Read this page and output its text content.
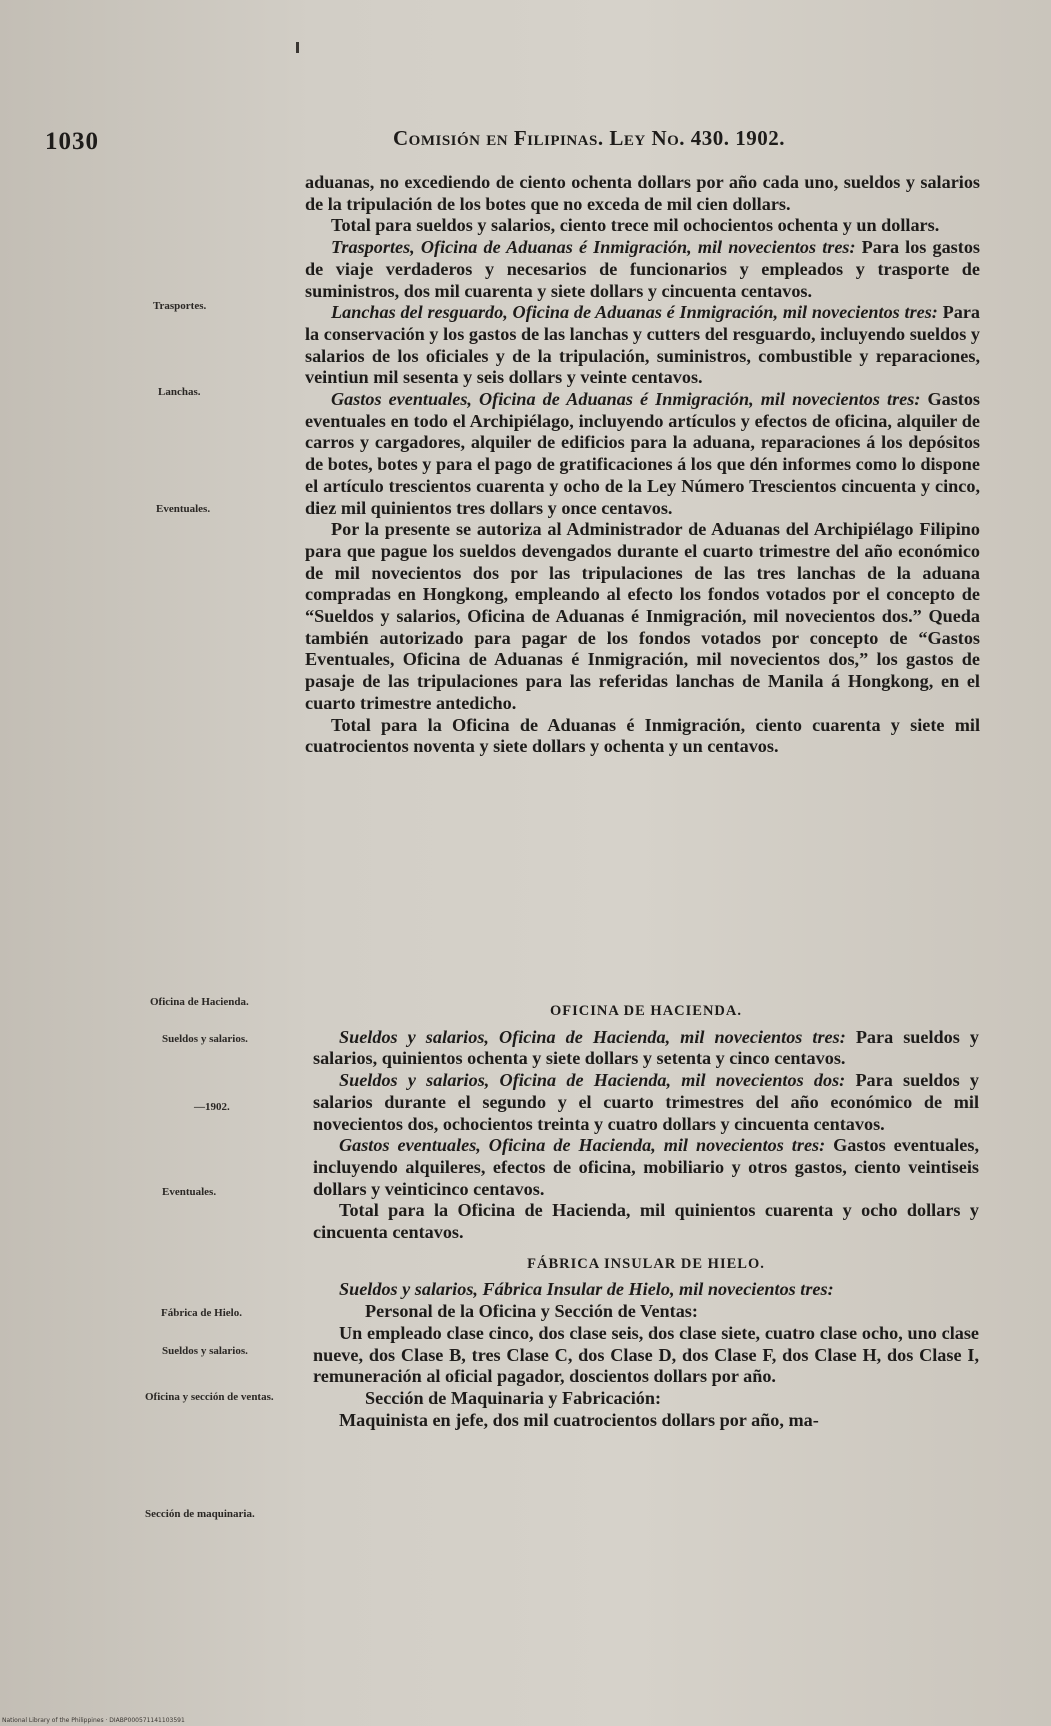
1030	Comisión en Filipinas. Ley No. 430. 1902.
Trasportes.
Lanchas.
Eventuales.
Oficina de Hacienda.
Sueldos y salarios.
—1902.
Eventuales.
Fábrica de Hielo.
Sueldos y salarios.
Oficina y sección de ventas.
Sección de maquinaria.

aduanas, no excediendo de ciento ochenta dollars por año cada uno, sueldos y salarios de la tripulación de los botes que no exceda de mil cien dollars.

Total para sueldos y salarios, ciento trece mil ochocientos ochenta y un dollars.

Trasportes, Oficina de Aduanas é Inmigración, mil novecientos tres: Para los gastos de viaje verdaderos y necesarios de funcionarios y empleados y trasporte de suministros, dos mil cuarenta y siete dollars y cincuenta centavos.

Lanchas del resguardo, Oficina de Aduanas é Inmigración, mil novecientos tres: Para la conservación y los gastos de las lanchas y cutters del resguardo, incluyendo sueldos y salarios de los oficiales y de la tripulación, suministros, combustible y reparaciones, veintiun mil sesenta y seis dollars y veinte centavos.

Gastos eventuales, Oficina de Aduanas é Inmigración, mil novecientos tres: Gastos eventuales en todo el Archipiélago, incluyendo artículos y efectos de oficina, alquiler de carros y cargadores, alquiler de edificios para la aduana, reparaciones á los depósitos de botes, botes y para el pago de gratificaciones á los que dén informes como lo dispone el artículo trescientos cuarenta y ocho de la Ley Número Trescientos cincuenta y cinco, diez mil quinientos tres dollars y once centavos.

Por la presente se autoriza al Administrador de Aduanas del Archipiélago Filipino para que pague los sueldos devengados durante el cuarto trimestre del año económico de mil novecientos dos por las tripulaciones de las tres lanchas de la aduana compradas en Hongkong, empleando al efecto los fondos votados por el concepto de “Sueldos y salarios, Oficina de Aduanas é Inmigración, mil novecientos dos.” Queda también autorizado para pagar de los fondos votados por concepto de “Gastos Eventuales, Oficina de Aduanas é Inmigración, mil novecientos dos,” los gastos de pasaje de las tripulaciones para las referidas lanchas de Manila á Hongkong, en el cuarto trimestre antedicho.

Total para la Oficina de Aduanas é Inmigración, ciento cuarenta y siete mil cuatrocientos noventa y siete dollars y ochenta y un centavos.

OFICINA DE HACIENDA.

Sueldos y salarios, Oficina de Hacienda, mil novecientos tres: Para sueldos y salarios, quinientos ochenta y siete dollars y setenta y cinco centavos.

Sueldos y salarios, Oficina de Hacienda, mil novecientos dos: Para sueldos y salarios durante el segundo y el cuarto trimestres del año económico de mil novecientos dos, ochocientos treinta y cuatro dollars y cincuenta centavos.

Gastos eventuales, Oficina de Hacienda, mil novecientos tres: Gastos eventuales, incluyendo alquileres, efectos de oficina, mobiliario y otros gastos, ciento veintiseis dollars y veinticinco centavos.

Total para la Oficina de Hacienda, mil quinientos cuarenta y ocho dollars y cincuenta centavos.

FÁBRICA INSULAR DE HIELO.

Sueldos y salarios, Fábrica Insular de Hielo, mil novecientos tres:

Personal de la Oficina y Sección de Ventas:

Un empleado clase cinco, dos clase seis, dos clase siete, cuatro clase ocho, uno clase nueve, dos Clase B, tres Clase C, dos Clase D, dos Clase F, dos Clase H, dos Clase I, remuneración al oficial pagador, doscientos dollars por año.

Sección de Maquinaria y Fabricación:

Maquinista en jefe, dos mil cuatrocientos dollars por año, ma-

National Library of the Philippines · DIABP000571141103591
